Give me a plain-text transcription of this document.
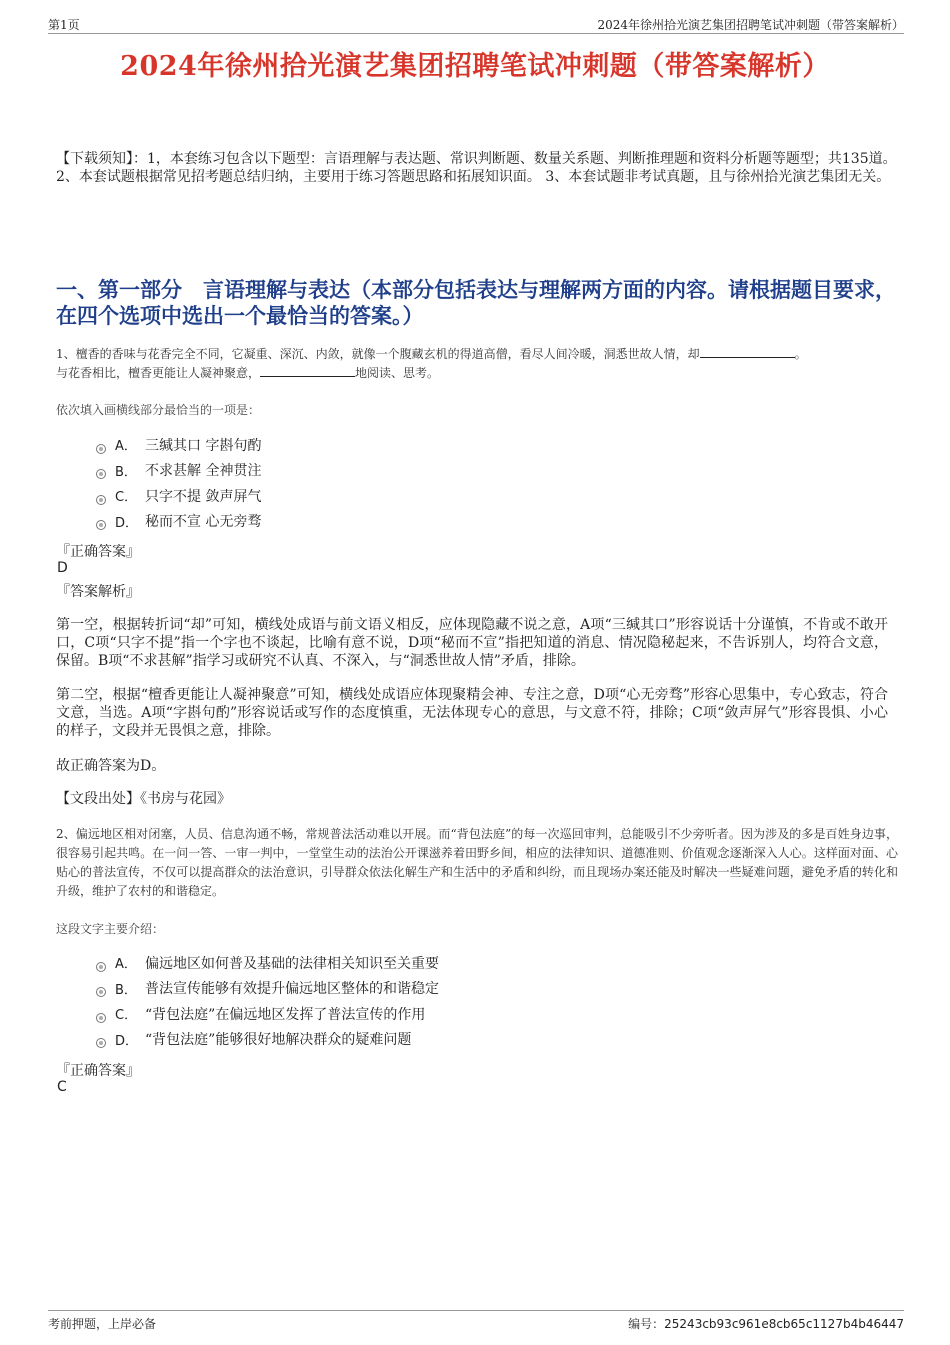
第1页	2024年徐州拾光演艺集团招聘笔试冲刺题（带答案解析）
2024年徐州拾光演艺集团招聘笔试冲刺题（带答案解析）

【下载须知】：1，本套练习包含以下题型：言语理解与表达题、常识判断题、数量关系题、判断推理题和资料分析题等题型；共135道。 2、本套试题根据常见招考题总结归纳，主要用于练习答题思路和拓展知识面。 3、本套试题非考试真题，且与徐州拾光演艺集团无关。

一、第一部分　言语理解与表达（本部分包括表达与理解两方面的内容。请根据题目要求，在四个选项中选出一个最恰当的答案。）
1、檀香的香味与花香完全不同，它凝重、深沉、内敛，就像一个腹藏玄机的得道高僧，看尽人间冷暖，洞悉世故人情，却	。
与花香相比，檀香更能让人凝神聚意，	地阅读、思考。
依次填入画横线部分最恰当的一项是：
A． 三缄其口 字斟句酌
B． 不求甚解 全神贯注
C． 只字不提 敛声屏气
D． 秘而不宣 心无旁骛
『正确答案』
D
『答案解析』

第一空，根据转折词“却”可知，横线处成语与前文语义相反，应体现隐藏不说之意，A项“三缄其口”形容说话十分谨慎，不肯或不敢开口，C项“只字不提”指一个字也不谈起，比喻有意不说，D项“秘而不宣”指把知道的消息、情况隐秘起来，不告诉别人，均符合文意，保留。B项“不求甚解”指学习或研究不认真、不深入，与“洞悉世故人情”矛盾，排除。

第二空，根据“檀香更能让人凝神聚意”可知，横线处成语应体现聚精会神、专注之意，D项“心无旁骛”形容心思集中，专心致志，符合文意，当选。A项“字斟句酌”形容说话或写作的态度慎重，无法体现专心的意思，与文意不符，排除；C项“敛声屏气”形容畏惧、小心的样子，文段并无畏惧之意，排除。

故正确答案为D。

【文段出处】《书房与花园》

2、偏远地区相对闭塞，人员、信息沟通不畅，常规普法活动难以开展。而“背包法庭”的每一次巡回审判，总能吸引不少旁听者。因为涉及的多是百姓身边事，很容易引起共鸣。在一问一答、一审一判中，一堂堂生动的法治公开课滋养着田野乡间，相应的法律知识、道德准则、价值观念逐渐深入人心。这样面对面、心贴心的普法宣传，不仅可以提高群众的法治意识，引导群众依法化解生产和生活中的矛盾和纠纷，而且现场办案还能及时解决一些疑难问题，避免矛盾的转化和升级，维护了农村的和谐稳定。
这段文字主要介绍：
A． 偏远地区如何普及基础的法律相关知识至关重要
B． 普法宣传能够有效提升偏远地区整体的和谐稳定
C． “背包法庭”在偏远地区发挥了普法宣传的作用
D． “背包法庭”能够很好地解决群众的疑难问题
『正确答案』
C
考前押题，上岸必备	编号：25243cb93c961e8cb65c1127b4b46447
